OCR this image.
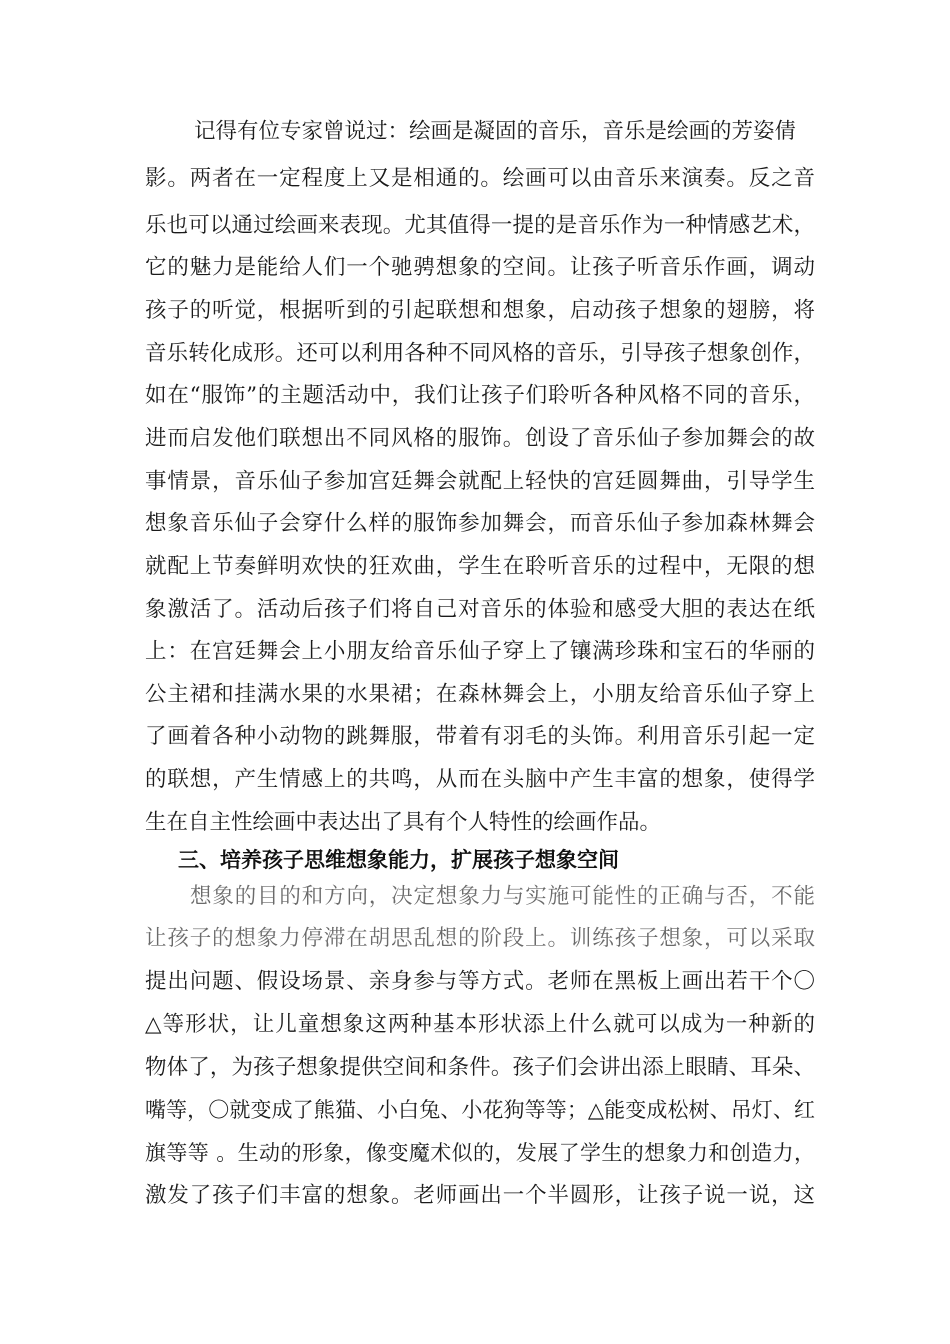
记得有位专家曾说过：绘画是凝固的音乐，音乐是绘画的芳姿倩
影。两者在一定程度上又是相通的。绘画可以由音乐来演奏。反之音
乐也可以通过绘画来表现。尤其值得一提的是音乐作为一种情感艺术，
它的魅力是能给人们一个驰骋想象的空间。让孩子听音乐作画，调动
孩子的听觉，根据听到的引起联想和想象，启动孩子想象的翅膀，将
音乐转化成形。还可以利用各种不同风格的音乐，引导孩子想象创作，
如在“服饰”的主题活动中，我们让孩子们聆听各种风格不同的音乐，
进而启发他们联想出不同风格的服饰。创设了音乐仙子参加舞会的故
事情景，音乐仙子参加宫廷舞会就配上轻快的宫廷圆舞曲，引导学生
想象音乐仙子会穿什么样的服饰参加舞会，而音乐仙子参加森林舞会
就配上节奏鲜明欢快的狂欢曲，学生在聆听音乐的过程中，无限的想
象激活了。活动后孩子们将自己对音乐的体验和感受大胆的表达在纸
上：在宫廷舞会上小朋友给音乐仙子穿上了镶满珍珠和宝石的华丽的
公主裙和挂满水果的水果裙；在森林舞会上，小朋友给音乐仙子穿上
了画着各种小动物的跳舞服，带着有羽毛的头饰。利用音乐引起一定
的联想，产生情感上的共鸣，从而在头脑中产生丰富的想象，使得学
生在自主性绘画中表达出了具有个人特性的绘画作品。
三、培养孩子思维想象能力，扩展孩子想象空间
想象的目的和方向，决定想象力与实施可能性的正确与否，不能
让孩子的想象力停滞在胡思乱想的阶段上。训练孩子想象，可以采取
提出问题、假设场景、亲身参与等方式。老师在黑板上画出若干个〇
△等形状，让儿童想象这两种基本形状添上什么就可以成为一种新的
物体了，为孩子想象提供空间和条件。孩子们会讲出添上眼睛、耳朵、
嘴等，〇就变成了熊猫、小白兔、小花狗等等；△能变成松树、吊灯、红
旗等等 。生动的形象，像变魔术似的，发展了学生的想象力和创造力，
激发了孩子们丰富的想象。老师画出一个半圆形，让孩子说一说，这
